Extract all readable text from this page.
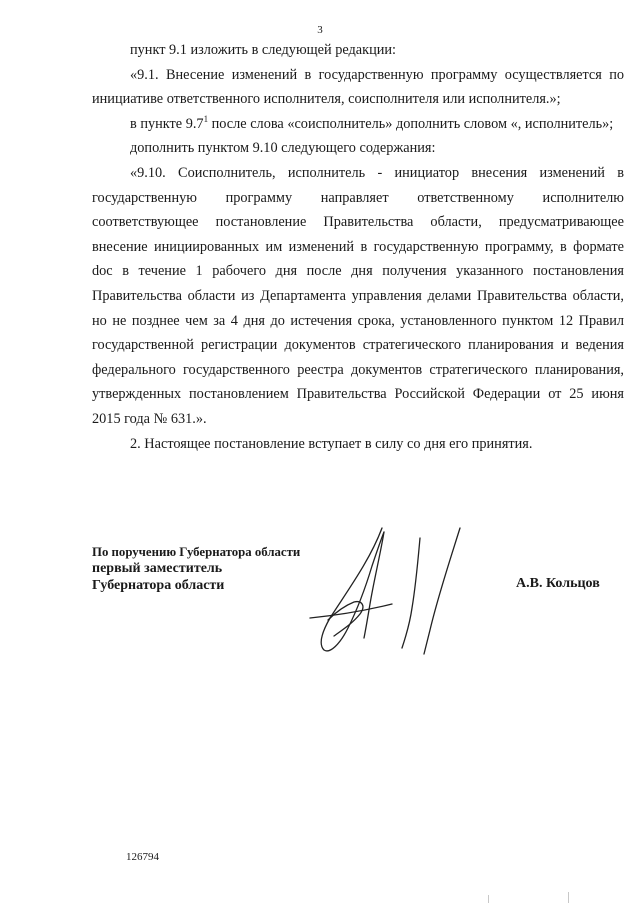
3

пункт 9.1 изложить в следующей редакции:

«9.1. Внесение изменений в государственную программу осуществляется по инициативе ответственного исполнителя, соисполнителя или исполнителя.»;

в пункте $9.7^1$ после слова «соисполнитель» дополнить словом «, исполнитель»;

дополнить пунктом 9.10 следующего содержания:

«9.10. Соисполнитель, исполнитель - инициатор внесения изменений в государственную программу направляет ответственному исполнителю соответствующее постановление Правительства области, предусматривающее внесение инициированных им изменений в государственную программу, в формате doc в течение 1 рабочего дня после дня получения указанного постановления Правительства области из Департамента управления делами Правительства области, но не позднее чем за 4 дня до истечения срока, установленного пунктом 12 Правил государственной регистрации документов стратегического планирования и ведения федерального государственного реестра документов стратегического планирования, утвержденных постановлением Правительства Российской Федерации от 25 июня 2015 года № 631.».

2. Настоящее постановление вступает в силу со дня его принятия.

По поручению Губернатора области
первый заместитель
Губернатора области	А.В. Кольцов
126794
